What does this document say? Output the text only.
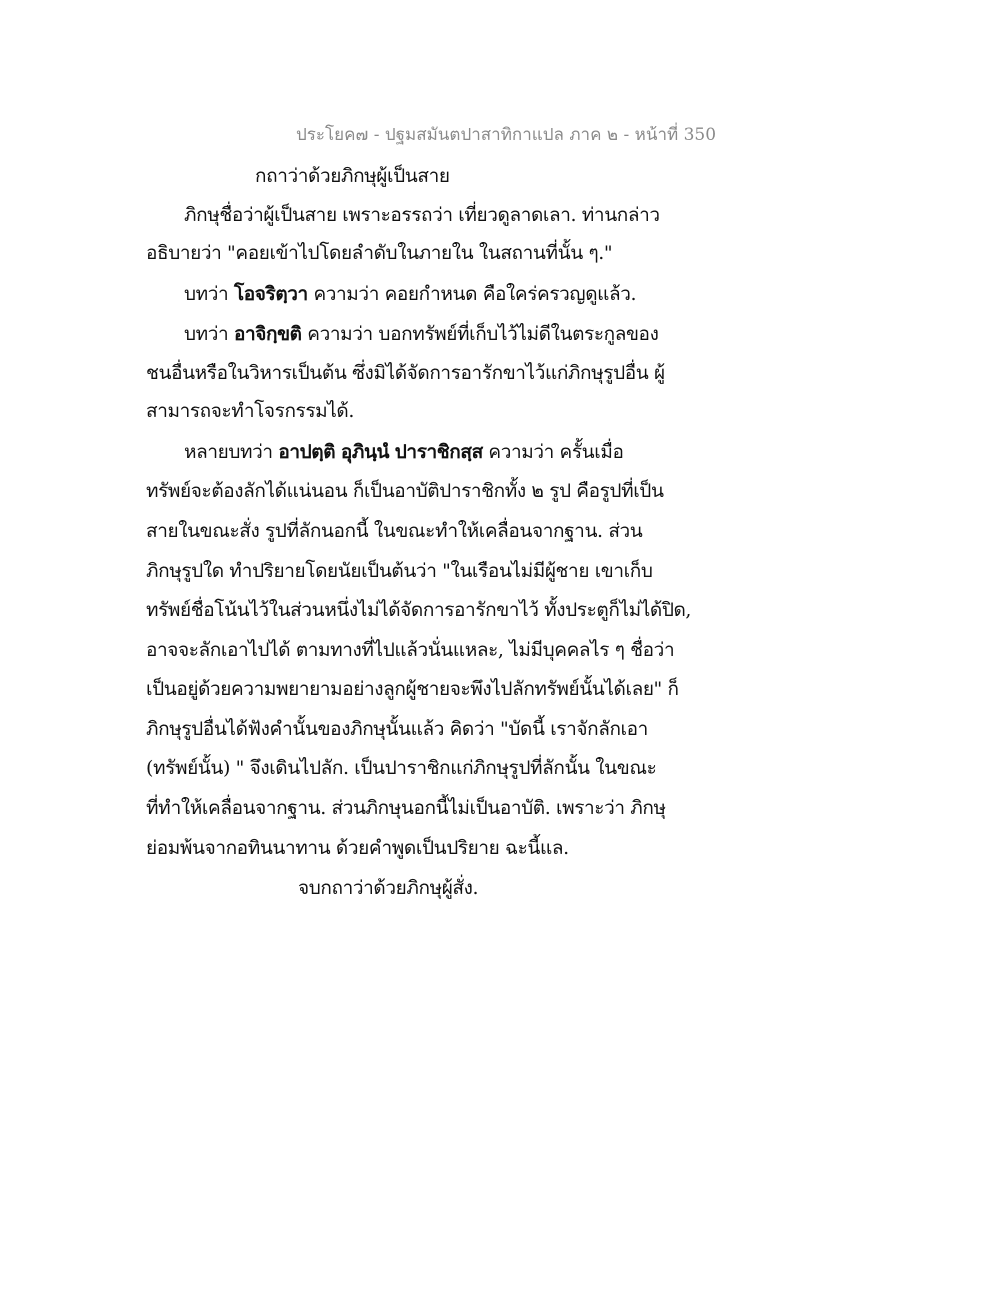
ประโยค๗ - ปฐมสมันตปาสาทิกาแปล ภาค ๒ - หน้าที่ 350
กถาว่าด้วยภิกษุผู้เป็นสาย
ภิกษุชื่อว่าผู้เป็นสาย เพราะอรรถว่า เที่ยวดูลาดเลา. ท่านกล่าว
อธิบายว่า "คอยเข้าไปโดยลำดับในภายใน ในสถานที่นั้น ๆ."
บทว่า โอจริตฺวา ความว่า คอยกำหนด คือใคร่ครวญดูแล้ว.
บทว่า อาจิกฺขติ ความว่า บอกทรัพย์ที่เก็บไว้ไม่ดีในตระกูลของ
ชนอื่นหรือในวิหารเป็นต้น ซึ่งมิได้จัดการอารักขาไว้แก่ภิกษุรูปอื่น ผู้
สามารถจะทำโจรกรรมได้.
หลายบทว่า อาปตฺติ อุภินฺนํ ปาราชิกสฺส ความว่า ครั้นเมื่อ
ทรัพย์จะต้องลักได้แน่นอน ก็เป็นอาบัติปาราชิกทั้ง ๒ รูป คือรูปที่เป็น
สายในขณะสั่ง รูปที่ลักนอกนี้ ในขณะทำให้เคลื่อนจากฐาน. ส่วน
ภิกษุรูปใด ทำปริยายโดยนัยเป็นต้นว่า "ในเรือนไม่มีผู้ชาย เขาเก็บ
ทรัพย์ชื่อโน้นไว้ในส่วนหนึ่งไม่ได้จัดการอารักขาไว้ ทั้งประตูก็ไม่ได้ปิด,
อาจจะลักเอาไปได้ ตามทางที่ไปแล้วนั่นแหละ, ไม่มีบุคคลไร ๆ ชื่อว่า
เป็นอยู่ด้วยความพยายามอย่างลูกผู้ชายจะพึงไปลักทรัพย์นั้นได้เลย" ก็
ภิกษุรูปอื่นได้ฟังคำนั้นของภิกษุนั้นแล้ว คิดว่า "บัดนี้ เราจักลักเอา
(ทรัพย์นั้น) " จึงเดินไปลัก. เป็นปาราชิกแก่ภิกษุรูปที่ลักนั้น ในขณะ
ที่ทำให้เคลื่อนจากฐาน. ส่วนภิกษุนอกนี้ไม่เป็นอาบัติ. เพราะว่า ภิกษุ
ย่อมพ้นจากอทินนาทาน ด้วยคำพูดเป็นปริยาย ฉะนี้แล.
จบกถาว่าด้วยภิกษุผู้สั่ง.
